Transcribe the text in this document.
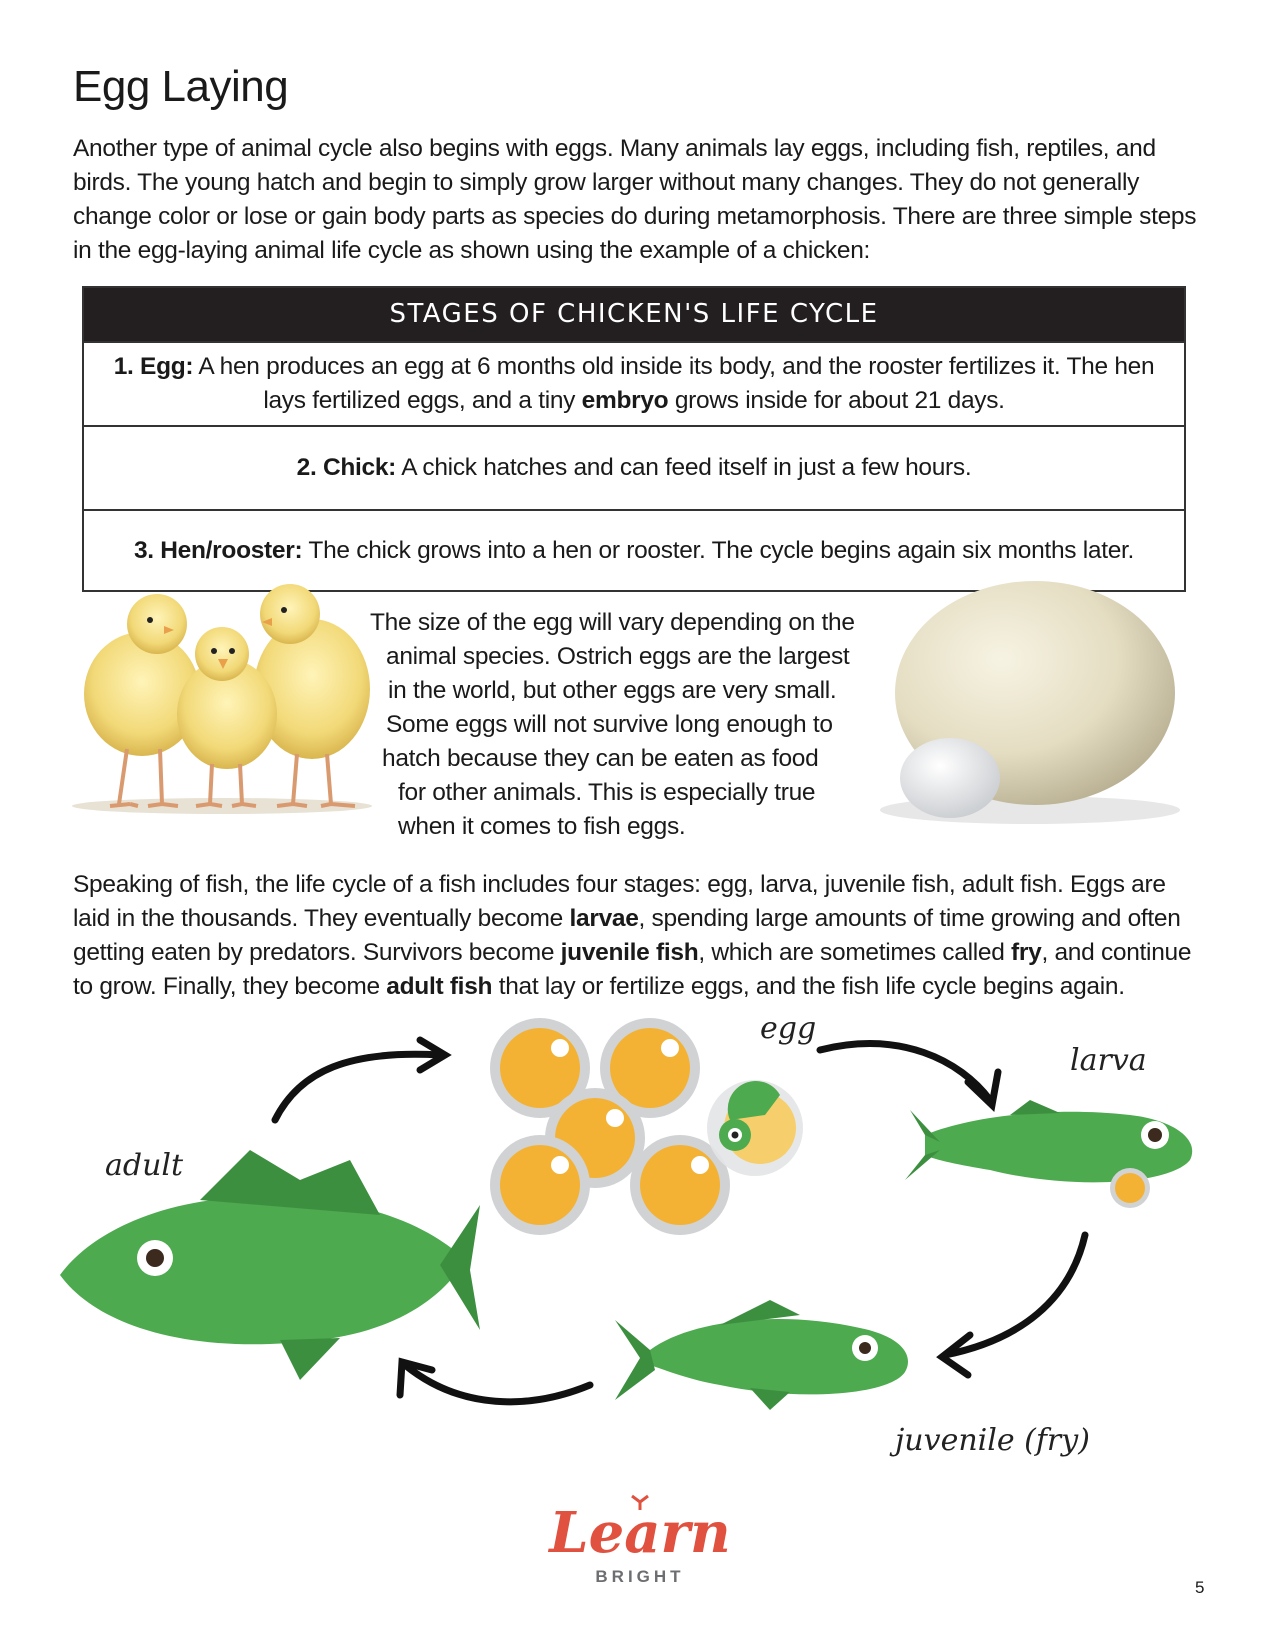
Egg Laying

Another type of animal cycle also begins with eggs. Many animals lay eggs, including fish, reptiles, and birds. The young hatch and begin to simply grow larger without many changes. They do not generally change color or lose or gain body parts as species do during metamorphosis. There are three simple steps in the egg-laying animal life cycle as shown using the example of a chicken:

STAGES OF CHICKEN'S LIFE CYCLE
1. Egg: A hen produces an egg at 6 months old inside its body, and the rooster fertilizes it. The hen lays fertilized eggs, and a tiny embryo grows inside for about 21 days.
2. Chick: A chick hatches and can feed itself in just a few hours.
3. Hen/rooster: The chick grows into a hen or rooster. The cycle begins again six months later.
The size of the egg will vary depending on the
animal species. Ostrich eggs are the largest
in the world, but other eggs are very small.
Some eggs will not survive long enough to
hatch because they can be eaten as food
for other animals. This is especially true
when it comes to fish eggs.

Speaking of fish, the life cycle of a fish includes four stages: egg, larva, juvenile fish, adult fish. Eggs are laid in the thousands. They eventually become larvae, spending large amounts of time growing and often getting eaten by predators. Survivors become juvenile fish, which are sometimes called fry, and continue to grow. Finally, they become adult fish that lay or fertilize eggs, and the fish life cycle begins again.

egg
larva
juvenile (fry)
adult
Learn
BRIGHT
5
